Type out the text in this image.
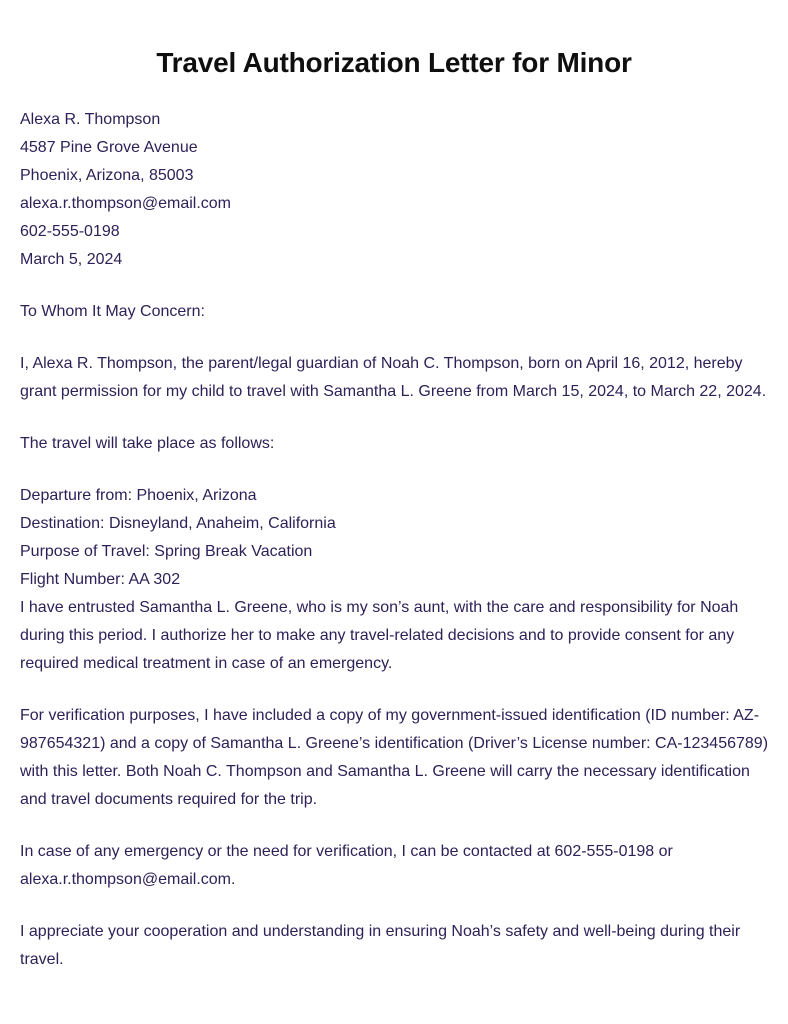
Travel Authorization Letter for Minor
Alexa R. Thompson
4587 Pine Grove Avenue
Phoenix, Arizona, 85003
alexa.r.thompson@email.com
602-555-0198
March 5, 2024

To Whom It May Concern:

I, Alexa R. Thompson, the parent/legal guardian of Noah C. Thompson, born on April 16, 2012, hereby grant permission for my child to travel with Samantha L. Greene from March 15, 2024, to March 22, 2024.

The travel will take place as follows:

Departure from: Phoenix, Arizona
Destination: Disneyland, Anaheim, California
Purpose of Travel: Spring Break Vacation
Flight Number: AA 302

I have entrusted Samantha L. Greene, who is my son’s aunt, with the care and responsibility for Noah during this period. I authorize her to make any travel-related decisions and to provide consent for any required medical treatment in case of an emergency.

For verification purposes, I have included a copy of my government-issued identification (ID number: AZ-987654321) and a copy of Samantha L. Greene’s identification (Driver’s License number: CA-123456789) with this letter. Both Noah C. Thompson and Samantha L. Greene will carry the necessary identification and travel documents required for the trip.

In case of any emergency or the need for verification, I can be contacted at 602-555-0198 or alexa.r.thompson@email.com.

I appreciate your cooperation and understanding in ensuring Noah’s safety and well-being during their travel.
